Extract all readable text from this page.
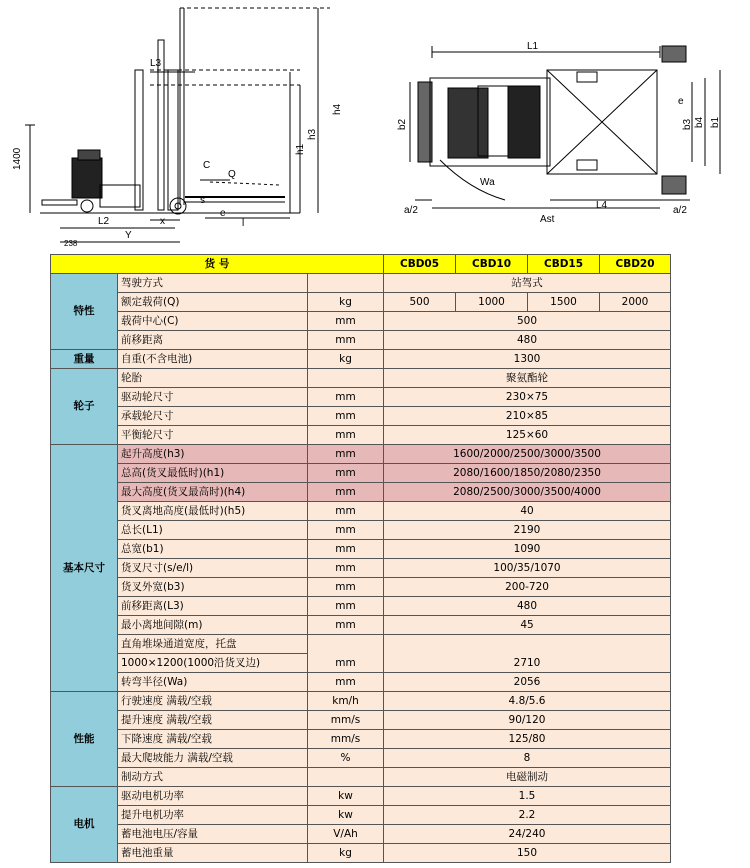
1400
L3
h4
h3
h1
C
Q
s
e
l
238
L2
Y
x
L1
b2
e
b3 b4 b1
Wa
a/2
Ast
L4	a/2
货 号			CBD05	CBD10	CBD15	CBD20
特性	驾驶方式		站驾式			
	额定载荷(Q)	kg	500	1000	1500	2000
	载荷中心(C)	mm	500			
	前移距离	mm	480			
重量	自重(不含电池)	kg	1300			
轮子	轮胎		聚氨酯轮			
	驱动轮尺寸	mm	230×75			
	承载轮尺寸	mm	210×85			
	平衡轮尺寸	mm	125×60			
基本尺寸	起升高度(h3)	mm	1600/2000/2500/3000/3500			
	总高(货叉最低时)(h1)	mm	2080/1600/1850/2080/2350			
	最大高度(货叉最高时)(h4)	mm	2080/2500/3000/3500/4000			
	货叉离地高度(最低时)(h5)	mm	40			
	总长(L1)	mm	2190			
	总宽(b1)	mm	1090			
	货叉尺寸(s/e/l)	mm	100/35/1070			
	货叉外宽(b3)	mm	200-720			
	前移距离(L3)	mm	480			
	最小离地间隙(m)	mm	45			
	直角堆垛通道宽度，托盘	mm	2710			
	1000×1200(1000沿货叉边)					
	转弯半径(Wa)	mm	2056			
性能	行驶速度 满载/空载	km/h	4.8/5.6			
	提升速度 满载/空载	mm/s	90/120			
	下降速度 满载/空载	mm/s	125/80			
	最大爬坡能力 满载/空载	%	8			
	制动方式		电磁制动			
电机	驱动电机功率	kw	1.5			
	提升电机功率	kw	2.2			
	蓄电池电压/容量	V/Ah	24/240			
	蓄电池重量	kg	150			
